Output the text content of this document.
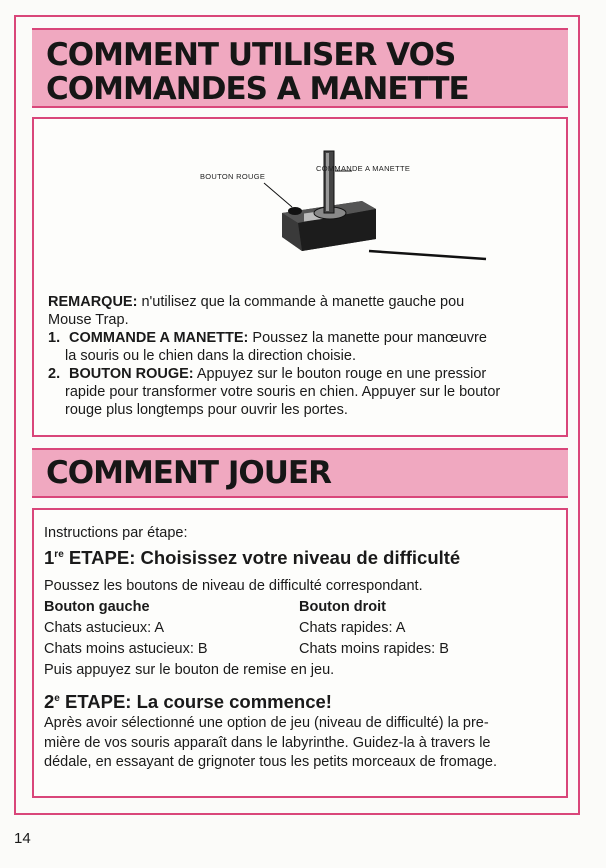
COMMENT UTILISER VOS
COMMANDES A MANETTE
BOUTON ROUGE
COMMANDE A MANETTE
REMARQUE: n'utilisez que la commande à manette gauche pou
Mouse Trap.
1. COMMANDE A MANETTE: Poussez la manette pour manœuvre
la souris ou le chien dans la direction choisie.
2. BOUTON ROUGE: Appuyez sur le bouton rouge en une pressior
rapide pour transformer votre souris en chien. Appuyer sur le boutor
rouge plus longtemps pour ouvrir les portes.
COMMENT JOUER
Instructions par étape:
1re ETAPE: Choisissez votre niveau de difficulté
Poussez les boutons de niveau de difficulté correspondant.
Bouton gauche
Chats astucieux: A
Chats moins astucieux: B
Bouton droit
Chats rapides: A
Chats moins rapides: B
Puis appuyez sur le bouton de remise en jeu.
2e ETAPE: La course commence!
Après avoir sélectionné une option de jeu (niveau de difficulté) la pre-
mière de vos souris apparaît dans le labyrinthe. Guidez-la à travers le
dédale, en essayant de grignoter tous les petits morceaux de fromage.
14
